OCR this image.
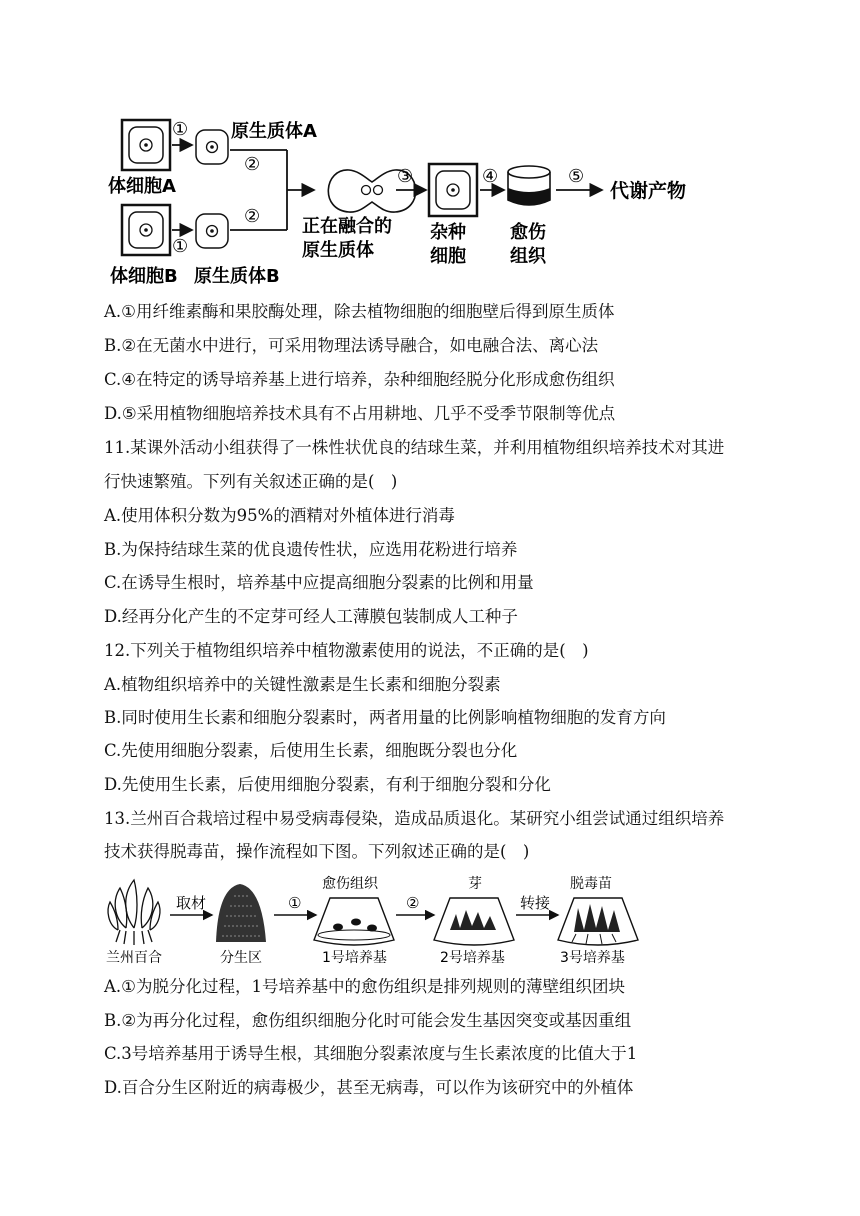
① 原生质体A
体细胞A
②
①
②
体细胞B 原生质体B
正在融合的
原生质体
③
杂种
细胞
④
愈伤
组织
⑤
代谢产物
A.①用纤维素酶和果胶酶处理，除去植物细胞的细胞壁后得到原生质体
B.②在无菌水中进行，可采用物理法诱导融合，如电融合法、离心法
C.④在特定的诱导培养基上进行培养，杂种细胞经脱分化形成愈伤组织
D.⑤采用植物细胞培养技术具有不占用耕地、几乎不受季节限制等优点
11.某课外活动小组获得了一株性状优良的结球生菜，并利用植物组织培养技术对其进
行快速繁殖。下列有关叙述正确的是(　)
A.使用体积分数为95%的酒精对外植体进行消毒
B.为保持结球生菜的优良遗传性状，应选用花粉进行培养
C.在诱导生根时，培养基中应提高细胞分裂素的比例和用量
D.经再分化产生的不定芽可经人工薄膜包装制成人工种子
12.下列关于植物组织培养中植物激素使用的说法，不正确的是(　)
A.植物组织培养中的关键性激素是生长素和细胞分裂素
B.同时使用生长素和细胞分裂素时，两者用量的比例影响植物细胞的发育方向
C.先使用细胞分裂素，后使用生长素，细胞既分裂也分化
D.先使用生长素，后使用细胞分裂素，有利于细胞分裂和分化
13.兰州百合栽培过程中易受病毒侵染，造成品质退化。某研究小组尝试通过组织培养
技术获得脱毒苗，操作流程如下图。下列叙述正确的是(　)
取材	①
愈伤组织
②
芽
转接
脱毒苗
兰州百合	分生区	1号培养基	2号培养基	3号培养基
A.①为脱分化过程，1号培养基中的愈伤组织是排列规则的薄壁组织团块
B.②为再分化过程，愈伤组织细胞分化时可能会发生基因突变或基因重组
C.3号培养基用于诱导生根，其细胞分裂素浓度与生长素浓度的比值大于1
D.百合分生区附近的病毒极少，甚至无病毒，可以作为该研究中的外植体
